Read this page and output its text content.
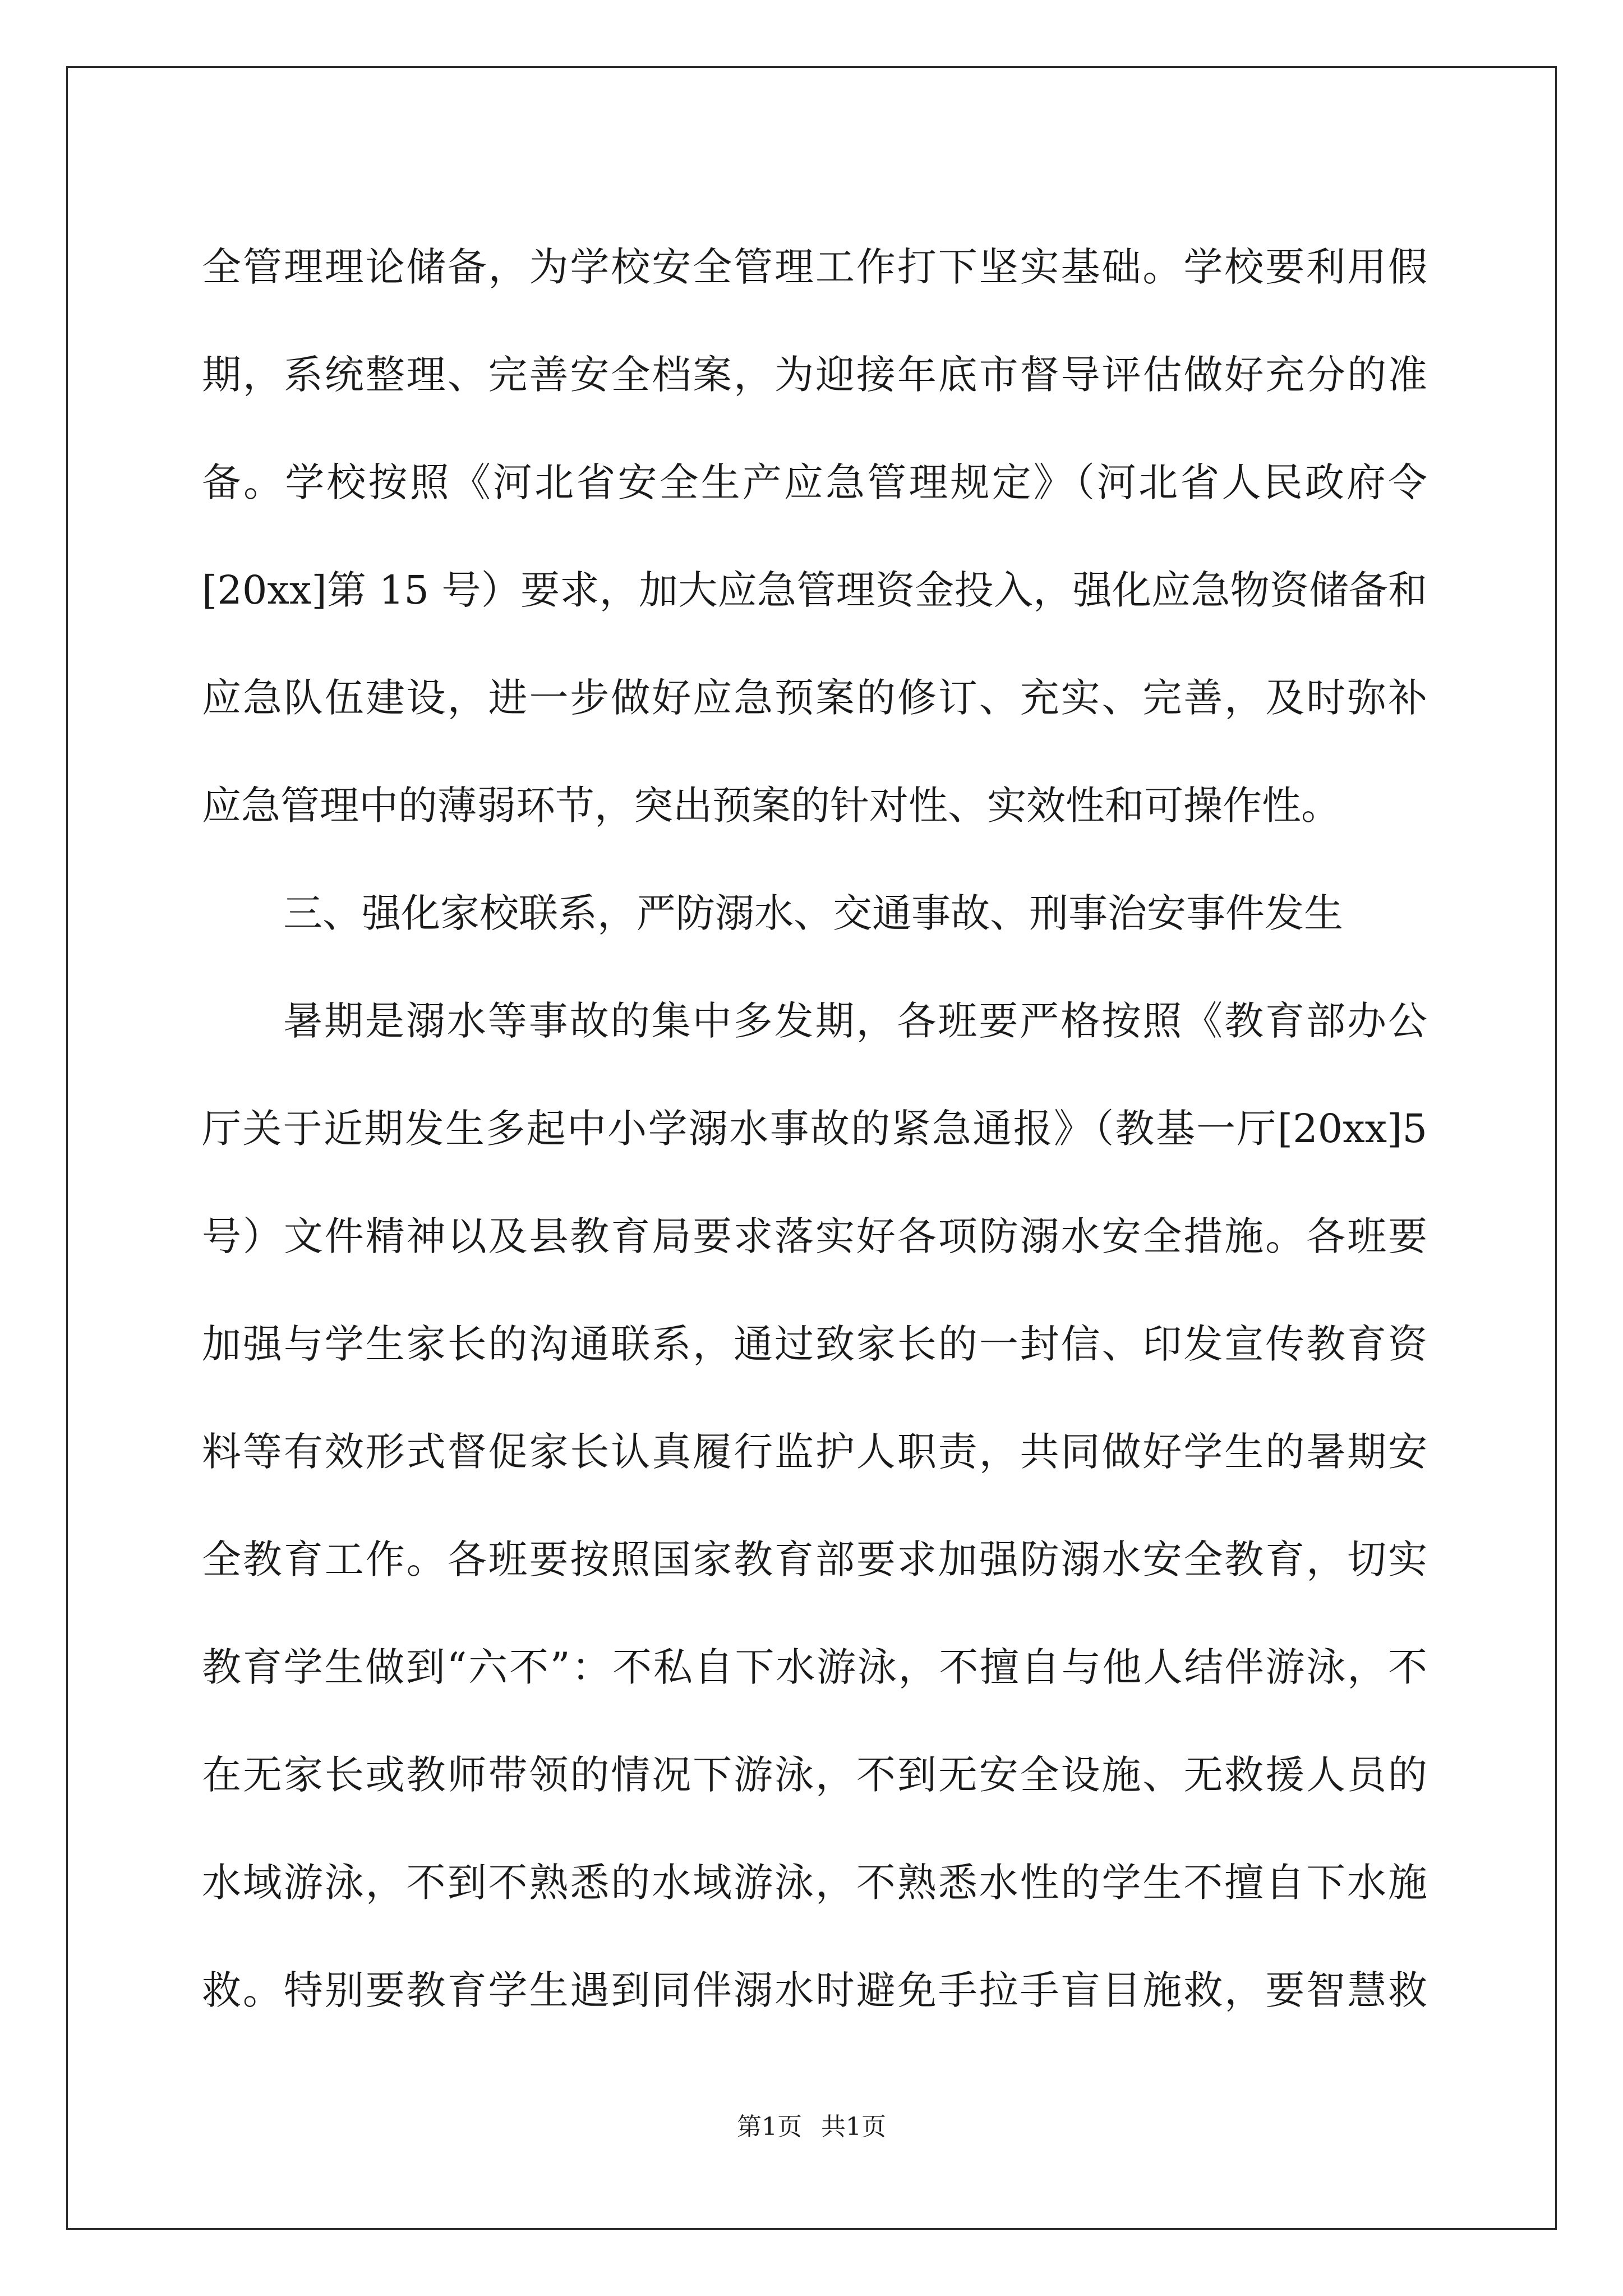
全管理理论储备，为学校安全管理工作打下坚实基础。学校要利用假
期，系统整理、完善安全档案，为迎接年底市督导评估做好充分的准
备。学校按照《河北省安全生产应急管理规定》（河北省人民政府令
[20xx]第 15 号）要求，加大应急管理资金投入，强化应急物资储备和
应急队伍建设，进一步做好应急预案的修订、充实、完善，及时弥补
应急管理中的薄弱环节，突出预案的针对性、实效性和可操作性。
三、强化家校联系，严防溺水、交通事故、刑事治安事件发生
暑期是溺水等事故的集中多发期，各班要严格按照《教育部办公
厅关于近期发生多起中小学溺水事故的紧急通报》（教基一厅[20xx]5
号）文件精神以及县教育局要求落实好各项防溺水安全措施。各班要
加强与学生家长的沟通联系，通过致家长的一封信、印发宣传教育资
料等有效形式督促家长认真履行监护人职责，共同做好学生的暑期安
全教育工作。各班要按照国家教育部要求加强防溺水安全教育，切实
教育学生做到“六不”：不私自下水游泳，不擅自与他人结伴游泳，不
在无家长或教师带领的情况下游泳，不到无安全设施、无救援人员的
水域游泳，不到不熟悉的水域游泳，不熟悉水性的学生不擅自下水施
救。特别要教育学生遇到同伴溺水时避免手拉手盲目施救，要智慧救
第1页 共1页
